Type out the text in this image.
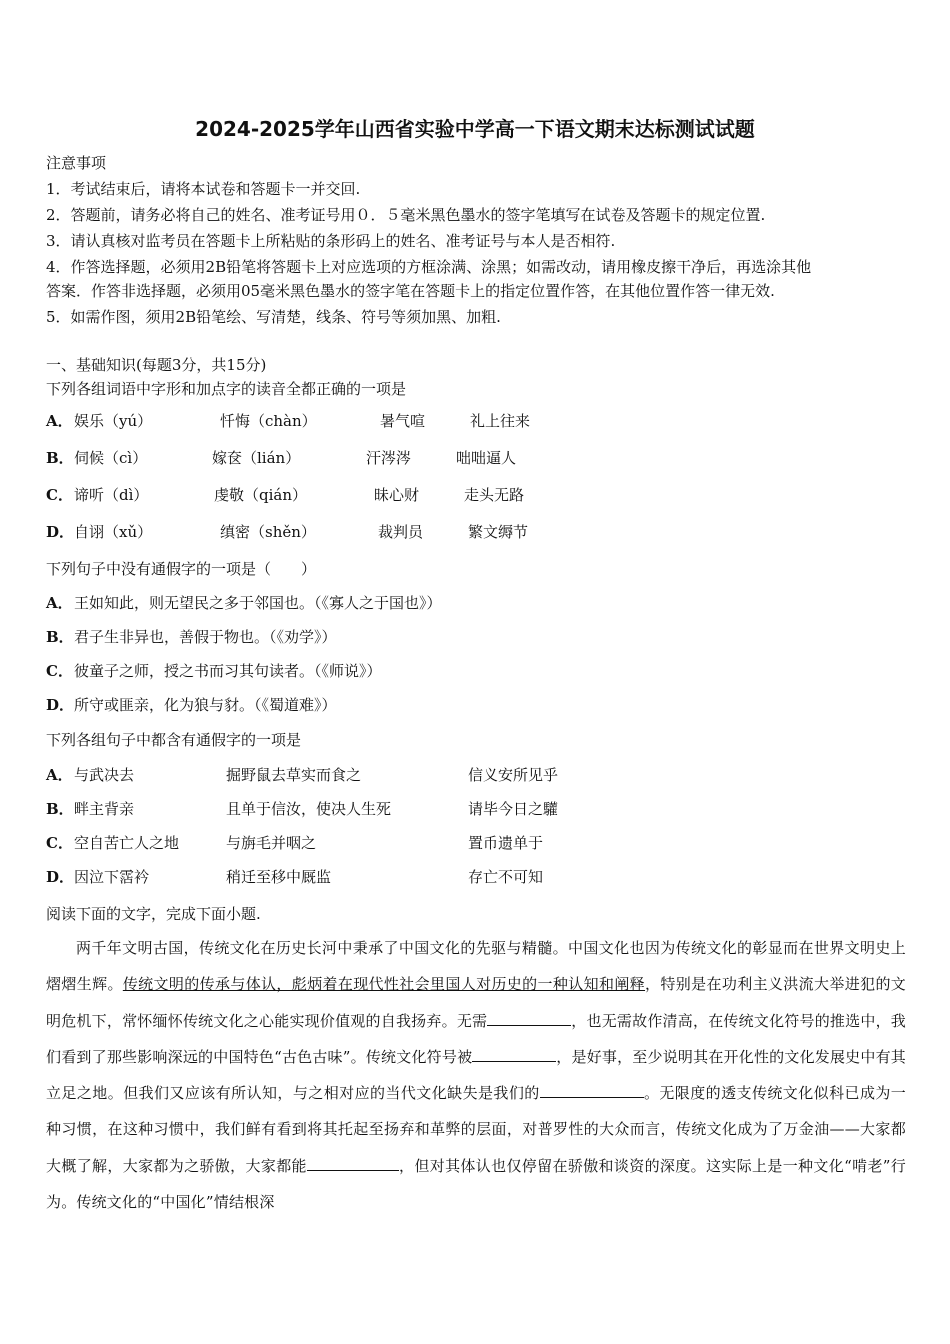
2024-2025学年山西省实验中学高一下语文期末达标测试试题
注意事项
1．考试结束后，请将本试卷和答题卡一并交回.
2．答题前，请务必将自己的姓名、准考证号用０．５毫米黑色墨水的签字笔填写在试卷及答题卡的规定位置.
3．请认真核对监考员在答题卡上所粘贴的条形码上的姓名、准考证号与本人是否相符.
4．作答选择题，必须用2B铅笔将答题卡上对应选项的方框涂满、涂黑；如需改动，请用橡皮擦干净后，再选涂其他
答案．作答非选择题，必须用05毫米黑色墨水的签字笔在答题卡上的指定位置作答，在其他位置作答一律无效.
5．如需作图，须用2B铅笔绘、写清楚，线条、符号等须加黑、加粗.
一、基础知识(每题3分，共15分)
下列各组词语中字形和加点字的读音全都正确的一项是
A． 娱乐（yú）	忏悔（chàn）	暑气喧	礼上往来
B． 伺候（cì）	嫁奁（lián）	汗涔涔	咄咄逼人
C． 谛听（dì）	虔敬（qián）	昧心财	走头无路
D． 自诩（xǔ）	缜密（shěn）	裁判员	繁文缛节
下列句子中没有通假字的一项是（　　）
A． 王如知此，则无望民之多于邻国也。（《寡人之于国也》）
B． 君子生非异也，善假于物也。（《劝学》）
C． 彼童子之师，授之书而习其句读者。（《师说》）
D． 所守或匪亲，化为狼与豺。（《蜀道难》）
下列各组句子中都含有通假字的一项是
A． 与武决去	掘野鼠去草实而食之	信义安所见乎
B． 畔主背亲	且单于信汝，使决人生死	请毕今日之驩
C． 空自苦亡人之地	与旃毛并咽之	置币遗单于
D． 因泣下霑衿	稍迁至移中厩监	存亡不可知
阅读下面的文字，完成下面小题.
两千年文明古国，传统文化在历史长河中秉承了中国文化的先驱与精髓。中国文化也因为传统文化的彰显而在世界文明史上熠熠生辉。传统文明的传承与体认，彪炳着在现代性社会里国人对历史的一种认知和阐释，特别是在功利主义洪流大举进犯的文明危机下，常怀缅怀传统文化之心能实现价值观的自我扬弃。无需	，也无需故作清高，在传统文化符号的推选中，我们看到了那些影响深远的中国特色“古色古味”。传统文化符号被	，是好事，至少说明其在开化性的文化发展史中有其立足之地。但我们又应该有所认知，与之相对应的当代文化缺失是我们的	。无限度的透支传统文化似科已成为一种习惯，在这种习惯中，我们鲜有看到将其托起至扬弃和革弊的层面，对普罗性的大众而言，传统文化成为了万金油——大家都大概了解，大家都为之骄傲，大家都能	，但对其体认也仅停留在骄傲和谈资的深度。这实际上是一种文化“啃老”行为。传统文化的“中国化”情结根深
